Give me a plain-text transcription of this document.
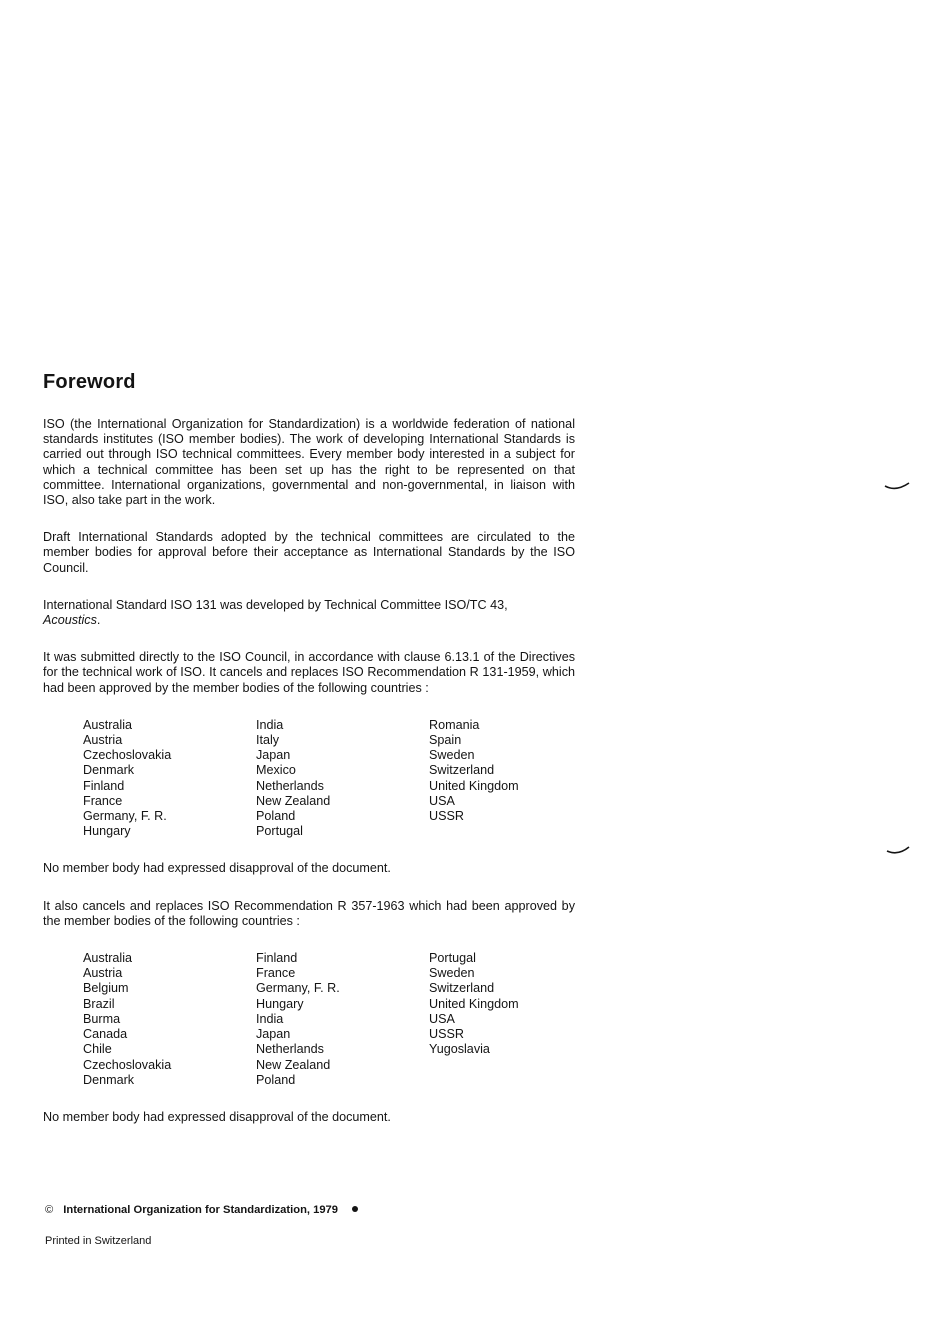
Foreword

ISO (the International Organization for Standardization) is a worldwide federation of national standards institutes (ISO member bodies). The work of developing International Standards is carried out through ISO technical committees. Every member body interested in a subject for which a technical committee has been set up has the right to be represented on that committee. International organizations, governmental and non-governmental, in liaison with ISO, also take part in the work.

Draft International Standards adopted by the technical committees are circulated to the member bodies for approval before their acceptance as International Standards by the ISO Council.

International Standard ISO 131 was developed by Technical Committee ISO/TC 43,
Acoustics.

It was submitted directly to the ISO Council, in accordance with clause 6.13.1 of the Directives for the technical work of ISO. It cancels and replaces ISO Recommendation R 131-1959, which had been approved by the member bodies of the following countries :

Australia
Austria
Czechoslovakia
Denmark
Finland
France
Germany, F. R.
Hungary
India
Italy
Japan
Mexico
Netherlands
New Zealand
Poland
Portugal
Romania
Spain
Sweden
Switzerland
United Kingdom
USA
USSR

No member body had expressed disapproval of the document.

It also cancels and replaces ISO Recommendation R 357-1963 which had been approved by the member bodies of the following countries :

Australia
Austria
Belgium
Brazil
Burma
Canada
Chile
Czechoslovakia
Denmark
Finland
France
Germany, F. R.
Hungary
India
Japan
Netherlands
New Zealand
Poland
Portugal
Sweden
Switzerland
United Kingdom
USA
USSR
Yugoslavia

No member body had expressed disapproval of the document.

© International Organization for Standardization, 1979
Printed in Switzerland
